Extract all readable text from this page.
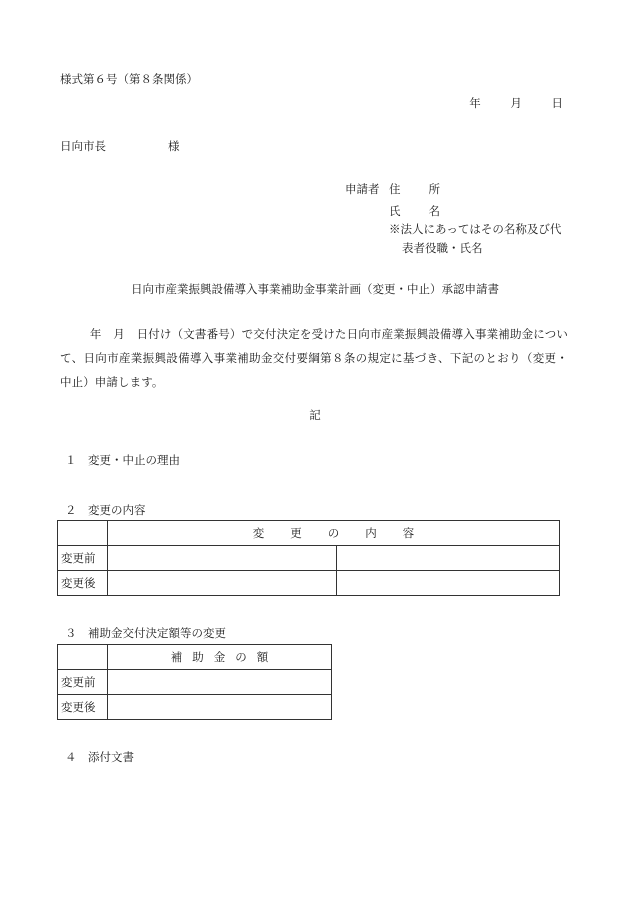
様式第６号（第８条関係）
年	月	日
日向市長	様
申請者 住所
氏名
※法人にあってはその名称及び代
表者役職・氏名
日向市産業振興設備導入事業補助金事業計画（変更・中止）承認申請書
年　月　日付け（文書番号）で交付決定を受けた日向市産業振興設備導入事業補助金について、日向市産業振興設備導入事業補助金交付要綱第８条の規定に基づき、下記のとおり（変更・中止）申請します。
記
１　変更・中止の理由
２　変更の内容
	変更の内容	
変更前		
変更後		
３　補助金交付決定額等の変更
	補助金の額
変更前	
変更後	
４　添付文書
